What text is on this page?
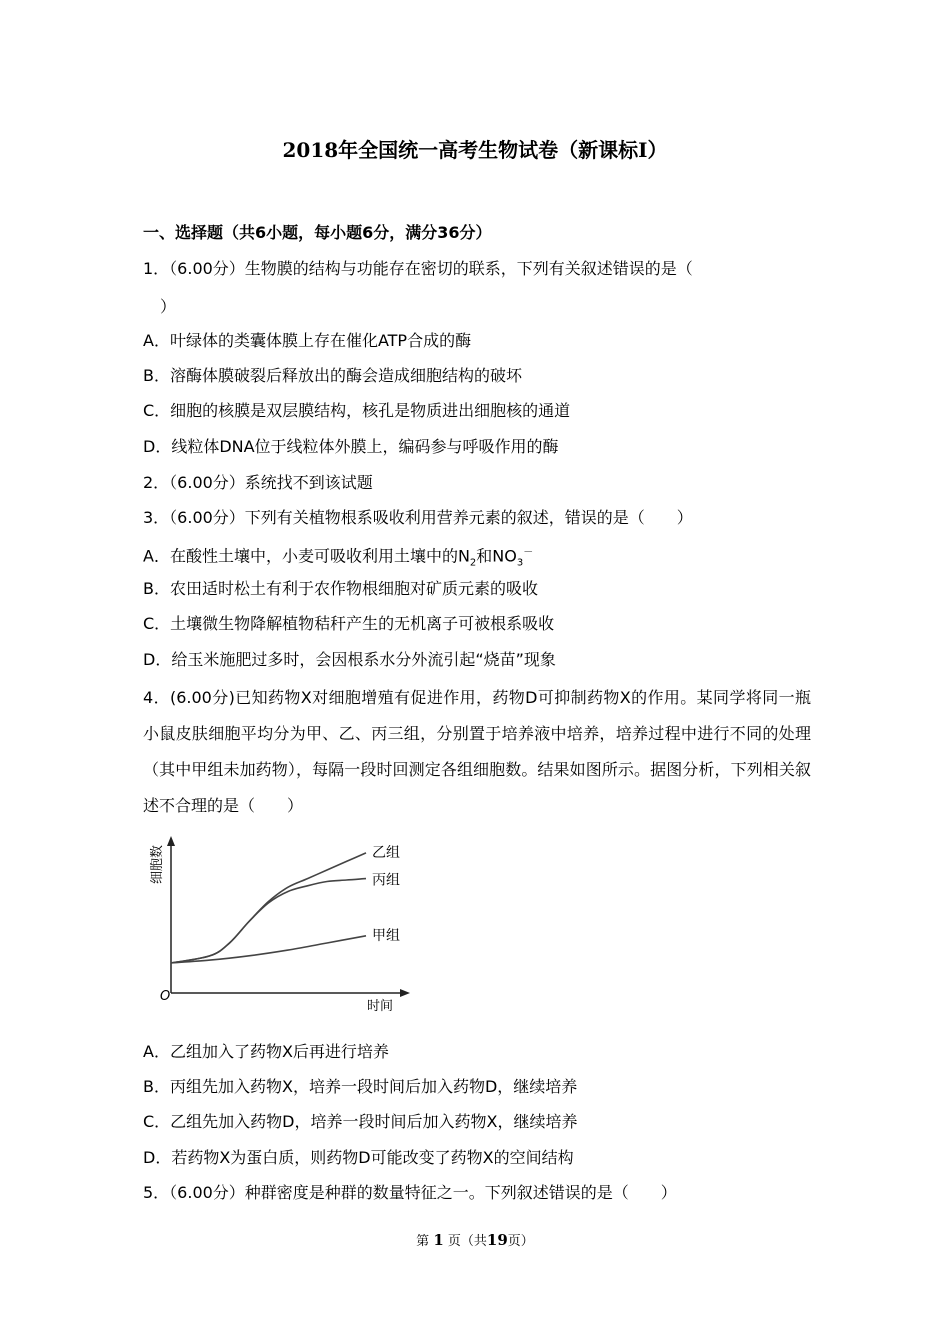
2018年全国统一高考生物试卷（新课标Ⅰ）
一、选择题（共6小题，每小题6分，满分36分）
1．（6.00分）生物膜的结构与功能存在密切的联系，下列有关叙述错误的是（
）
A．叶绿体的类囊体膜上存在催化ATP合成的酶
B．溶酶体膜破裂后释放出的酶会造成细胞结构的破坏
C．细胞的核膜是双层膜结构，核孔是物质进出细胞核的通道
D．线粒体DNA位于线粒体外膜上，编码参与呼吸作用的酶
2．（6.00分）系统找不到该试题
3．（6.00分）下列有关植物根系吸收利用营养元素的叙述，错误的是（　　）
A．在酸性土壤中，小麦可吸收利用土壤中的$N_2$和$NO_3^-$
B．农田适时松土有利于农作物根细胞对矿质元素的吸收
C．土壤微生物降解植物秸秆产生的无机离子可被根系吸收
D．给玉米施肥过多时，会因根系水分外流引起“烧苗”现象
4．(6.00分)已知药物X对细胞增殖有促进作用，药物D可抑制药物X的作用。某同学将同一瓶小鼠皮肤细胞平均分为甲、乙、丙三组，分别置于培养液中培养，培养过程中进行不同的处理（其中甲组未加药物），每隔一段时回测定各组细胞数。结果如图所示。据图分析，下列相关叙述不合理的是（　　）
O
时间
细胞数	乙组
丙组
甲组
A．乙组加入了药物X后再进行培养
B．丙组先加入药物X，培养一段时间后加入药物D，继续培养
C．乙组先加入药物D，培养一段时间后加入药物X，继续培养
D．若药物X为蛋白质，则药物D可能改变了药物X的空间结构
5．（6.00分）种群密度是种群的数量特征之一。下列叙述错误的是（　　）
第 1 页（共19页）
